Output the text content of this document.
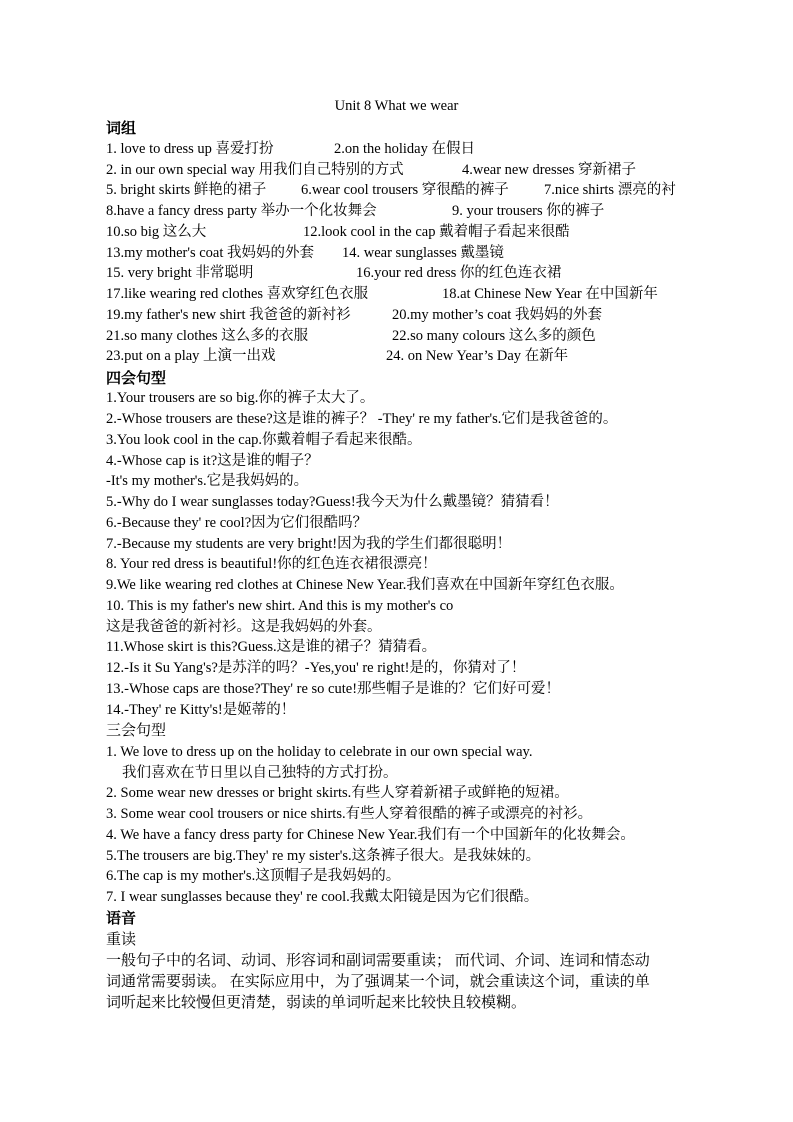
Unit 8 What we wear
词组
1. love to dress up 喜爱打扮	2.on the holiday 在假日
2. in our own special way 用我们自己特别的方式	4.wear new dresses 穿新裙子
5. bright skirts 鲜艳的裙子 6.wear cool trousers 穿很酷的裤子 7.nice shirts 漂亮的衬
8.have a fancy dress party 举办一个化妆舞会	9. your trousers 你的裤子
10.so big 这么大	12.look cool in the cap 戴着帽子看起来很酷
13.my mother's coat 我妈妈的外套 14. wear sunglasses 戴墨镜
15. very bright 非常聪明	16.your red dress 你的红色连衣裙
17.like wearing red clothes 喜欢穿红色衣服	18.at Chinese New Year 在中国新年
19.my father's new shirt 我爸爸的新衬衫	20.my mother’s coat 我妈妈的外套
21.so many clothes 这么多的衣服	22.so many colours 这么多的颜色
23.put on a play 上演一出戏	24. on New Year’s Day 在新年
四会句型
1.Your trousers are so big.你的裤子太大了。
2.-Whose trousers are these?这是谁的裤子？ -They' re my father's.它们是我爸爸的。
3.You look cool in the cap.你戴着帽子看起来很酷。
4.-Whose cap is it?这是谁的帽子？
-It's my mother's.它是我妈妈的。
5.-Why do I wear sunglasses today?Guess!我今天为什么戴墨镜？猜猜看！
6.-Because they' re cool?因为它们很酷吗？
7.-Because my students are very bright!因为我的学生们都很聪明！
8. Your red dress is beautiful!你的红色连衣裙很漂亮！
9.We like wearing red clothes at Chinese New Year.我们喜欢在中国新年穿红色衣服。
10. This is my father's new shirt. And this is my mother's co
这是我爸爸的新衬衫。这是我妈妈的外套。
11.Whose skirt is this?Guess.这是谁的裙子？猜猜看。
12.-Is it Su Yang's?是苏洋的吗？-Yes,you' re right!是的，你猜对了！
13.-Whose caps are those?They' re so cute!那些帽子是谁的？它们好可爱！
14.-They' re Kitty's!是姬蒂的！
三会句型
1. We love to dress up on the holiday to celebrate in our own special way.
我们喜欢在节日里以自己独特的方式打扮。
2. Some wear new dresses or bright skirts.有些人穿着新裙子或鲜艳的短裙。
3. Some wear cool trousers or nice shirts.有些人穿着很酷的裤子或漂亮的衬衫。
4. We have a fancy dress party for Chinese New Year.我们有一个中国新年的化妆舞会。
5.The trousers are big.They' re my sister's.这条裤子很大。是我妹妹的。
6.The cap is my mother's.这顶帽子是我妈妈的。
7. I wear sunglasses because they' re cool.我戴太阳镜是因为它们很酷。
语音
重读
一般句子中的名词、动词、形容词和副词需要重读； 而代词、介词、连词和情态动
词通常需要弱读。 在实际应用中，为了强调某一个词，就会重读这个词，重读的单
词听起来比较慢但更清楚，弱读的单词听起来比较快且较模糊。
